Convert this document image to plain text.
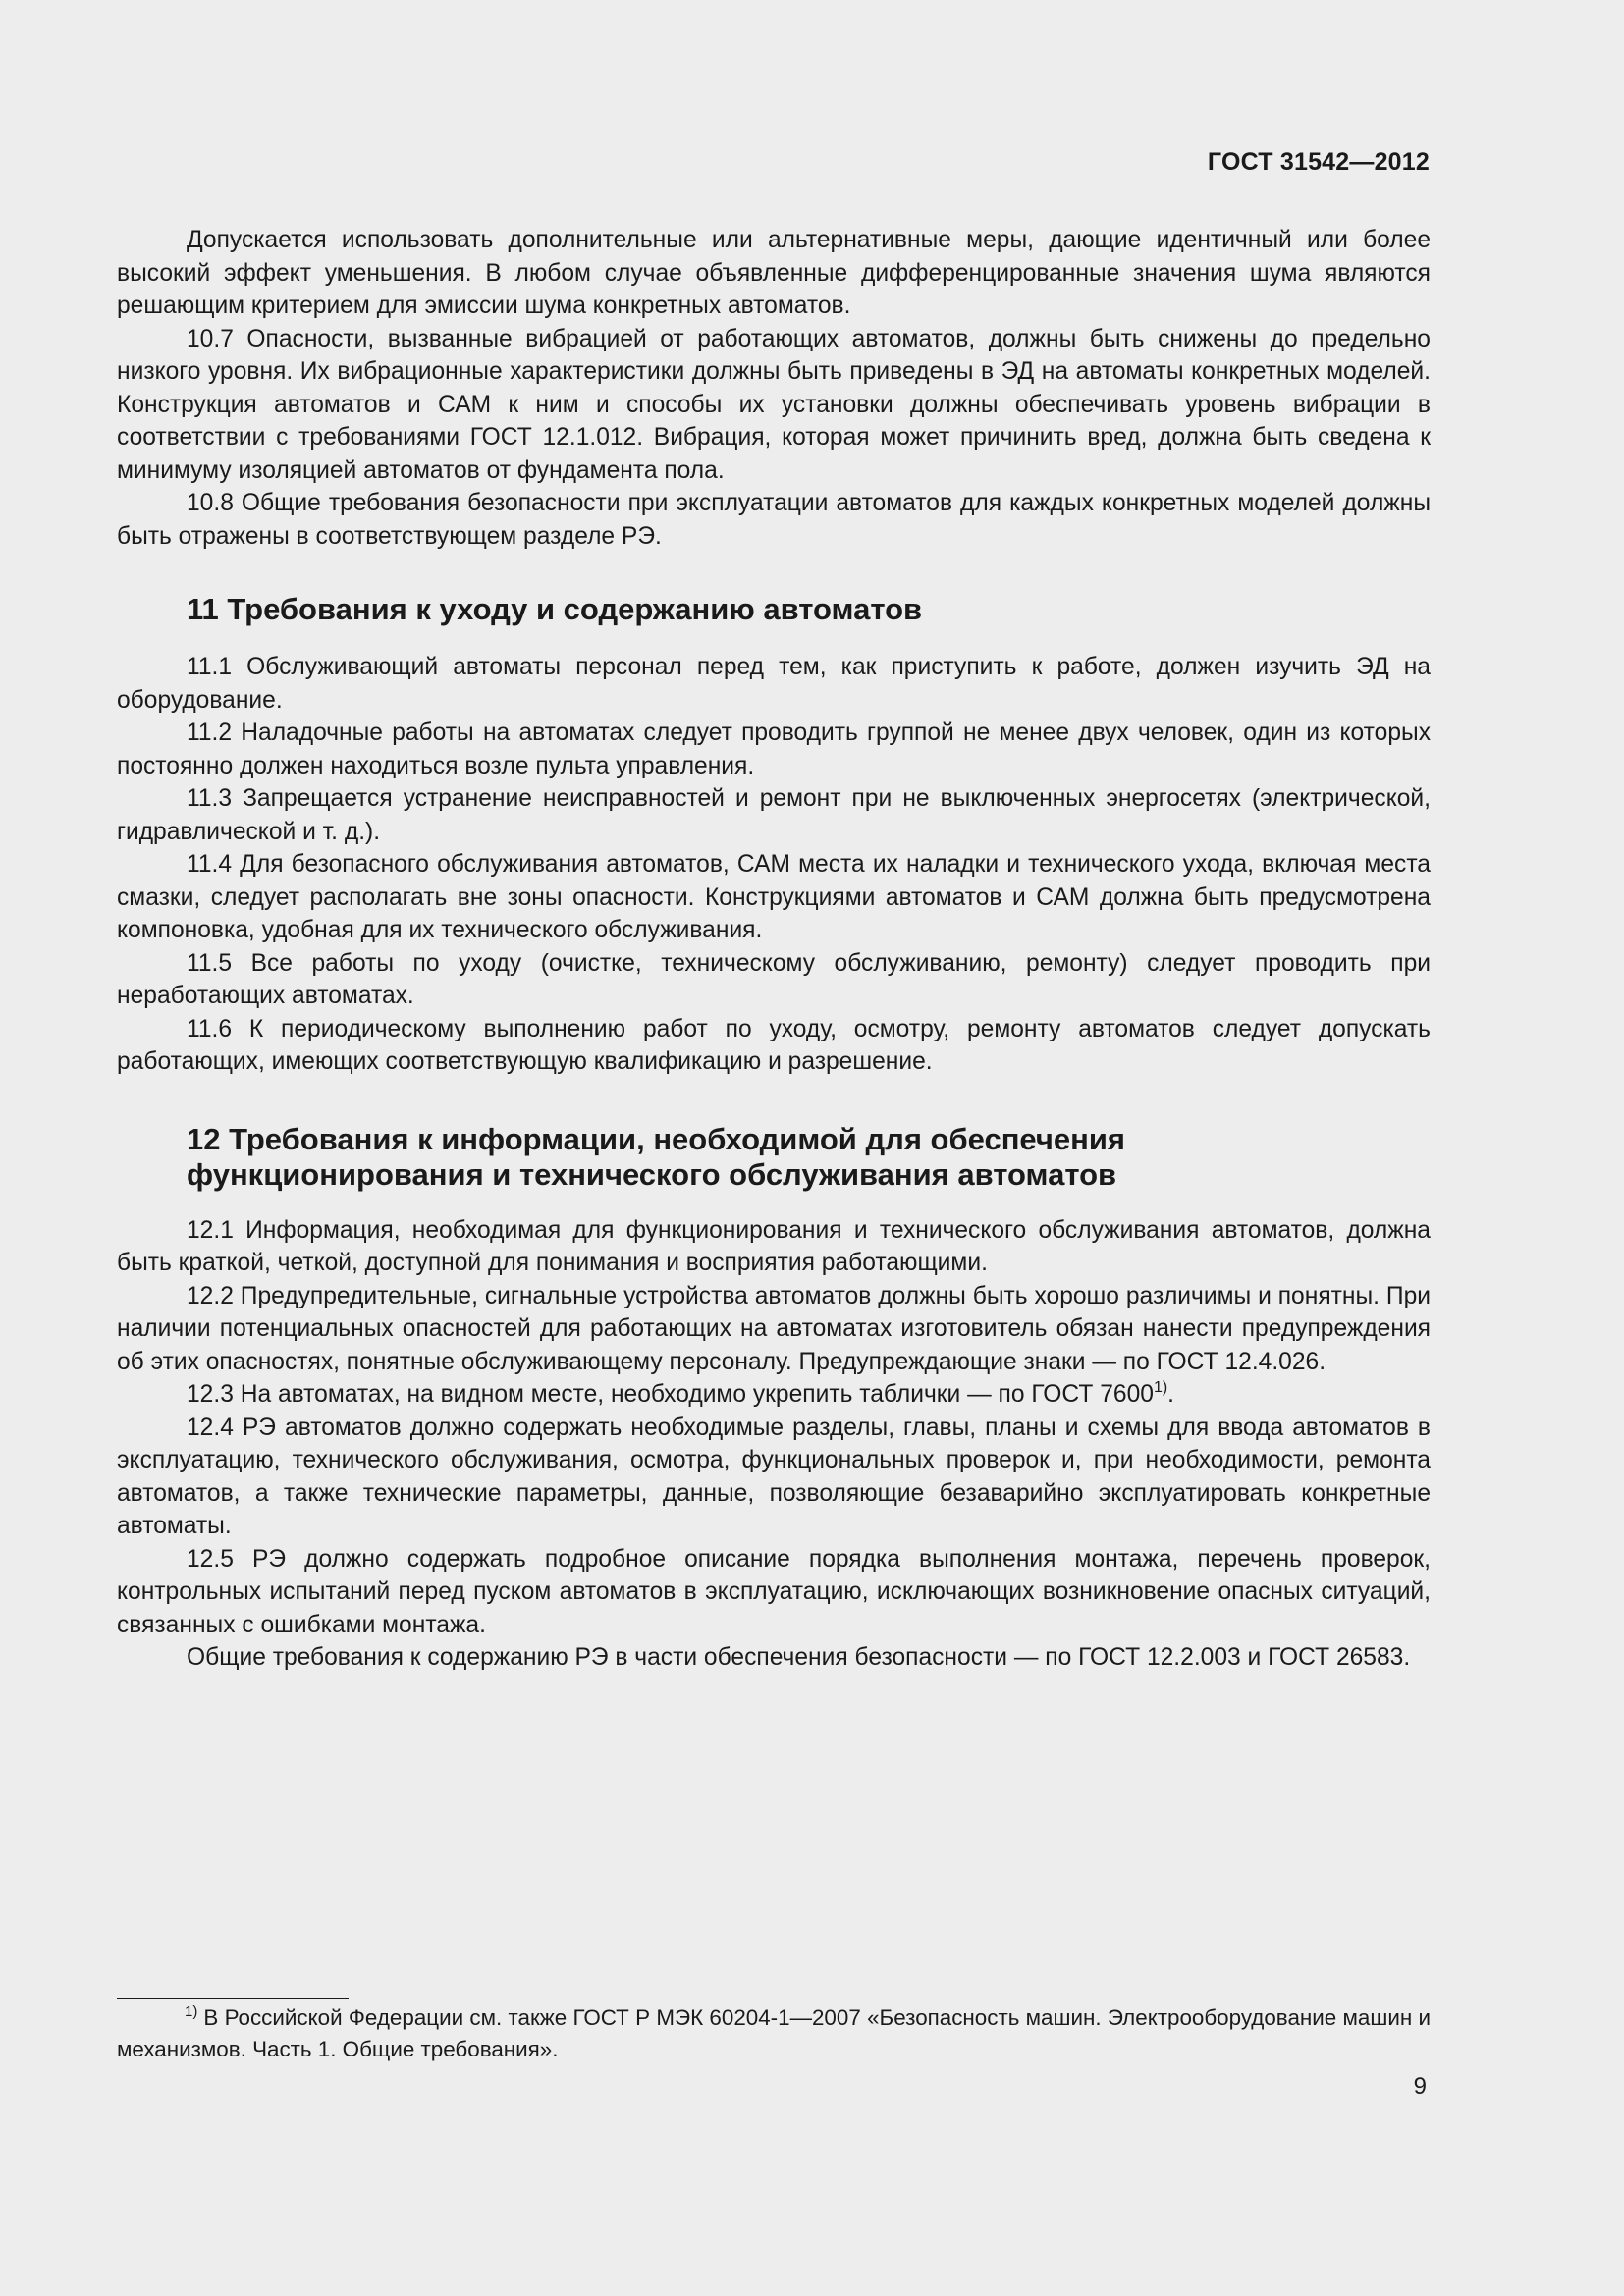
ГОСТ 31542—2012

Допускается использовать дополнительные или альтернативные меры, дающие идентичный или более высокий эффект уменьшения. В любом случае объявленные дифференцированные значения шума являются решающим критерием для эмиссии шума конкретных автоматов.

10.7 Опасности, вызванные вибрацией от работающих автоматов, должны быть снижены до предельно низкого уровня. Их вибрационные характеристики должны быть приведены в ЭД на автоматы конкретных моделей. Конструкция автоматов и САМ к ним и способы их установки должны обеспечивать уровень вибрации в соответствии с требованиями ГОСТ 12.1.012. Вибрация, которая может причинить вред, должна быть сведена к минимуму изоляцией автоматов от фундамента пола.

10.8 Общие требования безопасности при эксплуатации автоматов для каждых конкретных моделей должны быть отражены в соответствующем разделе РЭ.

11 Требования к уходу и содержанию автоматов

11.1 Обслуживающий автоматы персонал перед тем, как приступить к работе, должен изучить ЭД на оборудование.

11.2 Наладочные работы на автоматах следует проводить группой не менее двух человек, один из которых постоянно должен находиться возле пульта управления.

11.3 Запрещается устранение неисправностей и ремонт при не выключенных энергосетях (электрической, гидравлической и т. д.).

11.4 Для безопасного обслуживания автоматов, САМ места их наладки и технического ухода, включая места смазки, следует располагать вне зоны опасности. Конструкциями автоматов и САМ должна быть предусмотрена компоновка, удобная для их технического обслуживания.

11.5 Все работы по уходу (очистке, техническому обслуживанию, ремонту) следует проводить при неработающих автоматах.

11.6 К периодическому выполнению работ по уходу, осмотру, ремонту автоматов следует допускать работающих, имеющих соответствующую квалификацию и разрешение.

12 Требования к информации, необходимой для обеспечения
функционирования и технического обслуживания автоматов

12.1 Информация, необходимая для функционирования и технического обслуживания автоматов, должна быть краткой, четкой, доступной для понимания и восприятия работающими.

12.2 Предупредительные, сигнальные устройства автоматов должны быть хорошо различимы и понятны. При наличии потенциальных опасностей для работающих на автоматах изготовитель обязан нанести предупреждения об этих опасностях, понятные обслуживающему персоналу. Предупреждающие знаки — по ГОСТ 12.4.026.

12.3 На автоматах, на видном месте, необходимо укрепить таблички — по ГОСТ 7600$^{1)}$.

12.4 РЭ автоматов должно содержать необходимые разделы, главы, планы и схемы для ввода автоматов в эксплуатацию, технического обслуживания, осмотра, функциональных проверок и, при необходимости, ремонта автоматов, а также технические параметры, данные, позволяющие безаварийно эксплуатировать конкретные автоматы.

12.5 РЭ должно содержать подробное описание порядка выполнения монтажа, перечень проверок, контрольных испытаний перед пуском автоматов в эксплуатацию, исключающих возникновение опасных ситуаций, связанных с ошибками монтажа.

Общие требования к содержанию РЭ в части обеспечения безопасности — по ГОСТ 12.2.003 и ГОСТ 26583.

$^{1)}$ В Российской Федерации см. также ГОСТ Р МЭК 60204-1—2007 «Безопасность машин. Электрооборудование машин и механизмов. Часть 1. Общие требования».

9
